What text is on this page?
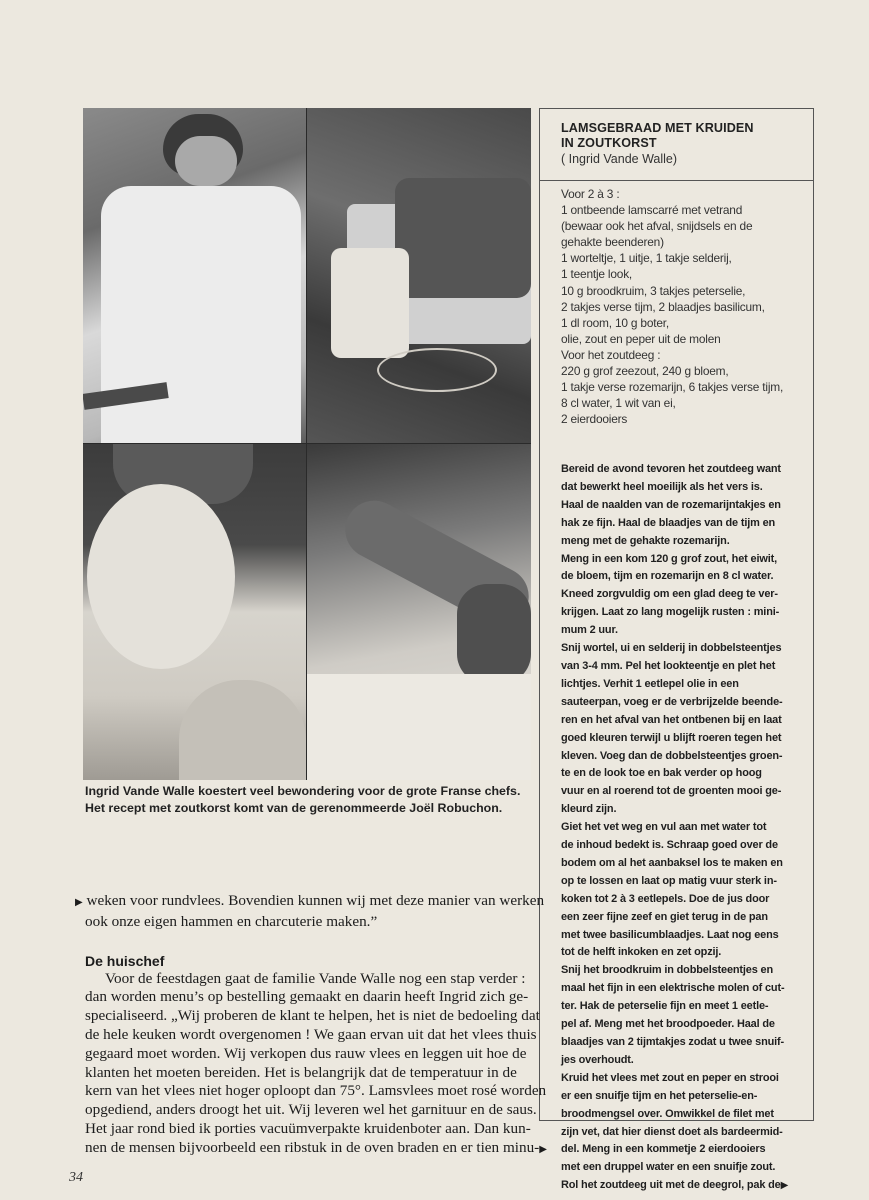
Ingrid Vande Walle koestert veel bewondering voor de grote Franse chefs.
Het recept met zoutkorst komt van de gerenommeerde Joël Robuchon.
LAMSGEBRAAD MET KRUIDEN
IN ZOUTKORST
( Ingrid Vande Walle)
Voor 2 à 3 :
1 ontbeende lamscarré met vetrand
(bewaar ook het afval, snijdsels en de
gehakte beenderen)
1 worteltje, 1 uitje, 1 takje selderij,
1 teentje look,
10 g broodkruim, 3 takjes peterselie,
2 takjes verse tijm, 2 blaadjes basilicum,
1 dl room, 10 g boter,
olie, zout en peper uit de molen
Voor het zoutdeeg :
220 g grof zeezout, 240 g bloem,
1 takje verse rozemarijn, 6 takjes verse tijm,
8 cl water, 1 wit van ei,
2 eierdooiers
Bereid de avond tevoren het zoutdeeg want
dat bewerkt heel moeilijk als het vers is.
Haal de naalden van de rozemarijntakjes en
hak ze fijn. Haal de blaadjes van de tijm en
meng met de gehakte rozemarijn.
Meng in een kom 120 g grof zout, het eiwit,
de bloem, tijm en rozemarijn en 8 cl water.
Kneed zorgvuldig om een glad deeg te ver-
krijgen. Laat zo lang mogelijk rusten : mini-
mum 2 uur.
Snij wortel, ui en selderij in dobbelsteentjes
van 3-4 mm. Pel het lookteentje en plet het
lichtjes. Verhit 1 eetlepel olie in een
sauteerpan, voeg er de verbrijzelde beende-
ren en het afval van het ontbenen bij en laat
goed kleuren terwijl u blijft roeren tegen het
kleven. Voeg dan de dobbelsteentjes groen-
te en de look toe en bak verder op hoog
vuur en al roerend tot de groenten mooi ge-
kleurd zijn.
Giet het vet weg en vul aan met water tot
de inhoud bedekt is. Schraap goed over de
bodem om al het aanbaksel los te maken en
op te lossen en laat op matig vuur sterk in-
koken tot 2 à 3 eetlepels. Doe de jus door
een zeer fijne zeef en giet terug in de pan
met twee basilicumblaadjes. Laat nog eens
tot de helft inkoken en zet opzij.
Snij het broodkruim in dobbelsteentjes en
maal het fijn in een elektrische molen of cut-
ter. Hak de peterselie fijn en meet 1 eetle-
pel af. Meng met het broodpoeder. Haal de
blaadjes van 2 tijmtakjes zodat u twee snuif-
jes overhoudt.
Kruid het vlees met zout en peper en strooi
er een snuifje tijm en het peterselie-en-
broodmengsel over. Omwikkel de filet met
zijn vet, dat hier dienst doet als bardeermid-
del. Meng in een kommetje 2 eierdooiers
met een druppel water en een snuifje zout.
Rol het zoutdeeg uit met de deegrol, pak de▶
▶ weken voor rundvlees. Bovendien kunnen wij met deze manier van werken
ook onze eigen hammen en charcuterie maken.”
De huischef
Voor de feestdagen gaat de familie Vande Walle nog een stap verder :
dan worden menu’s op bestelling gemaakt en daarin heeft Ingrid zich ge-
specialiseerd. „Wij proberen de klant te helpen, het is niet de bedoeling dat
de hele keuken wordt overgenomen ! We gaan ervan uit dat het vlees thuis
gegaard moet worden. Wij verkopen dus rauw vlees en leggen uit hoe de
klanten het moeten bereiden. Het is belangrijk dat de temperatuur in de
kern van het vlees niet hoger oploopt dan 75°. Lamsvlees moet rosé worden
opgediend, anders droogt het uit. Wij leveren wel het garnituur en de saus.
Het jaar rond bied ik porties vacuümverpakte kruidenboter aan. Dan kun-
nen de mensen bijvoorbeeld een ribstuk in de oven braden en er tien minu-▶
34
